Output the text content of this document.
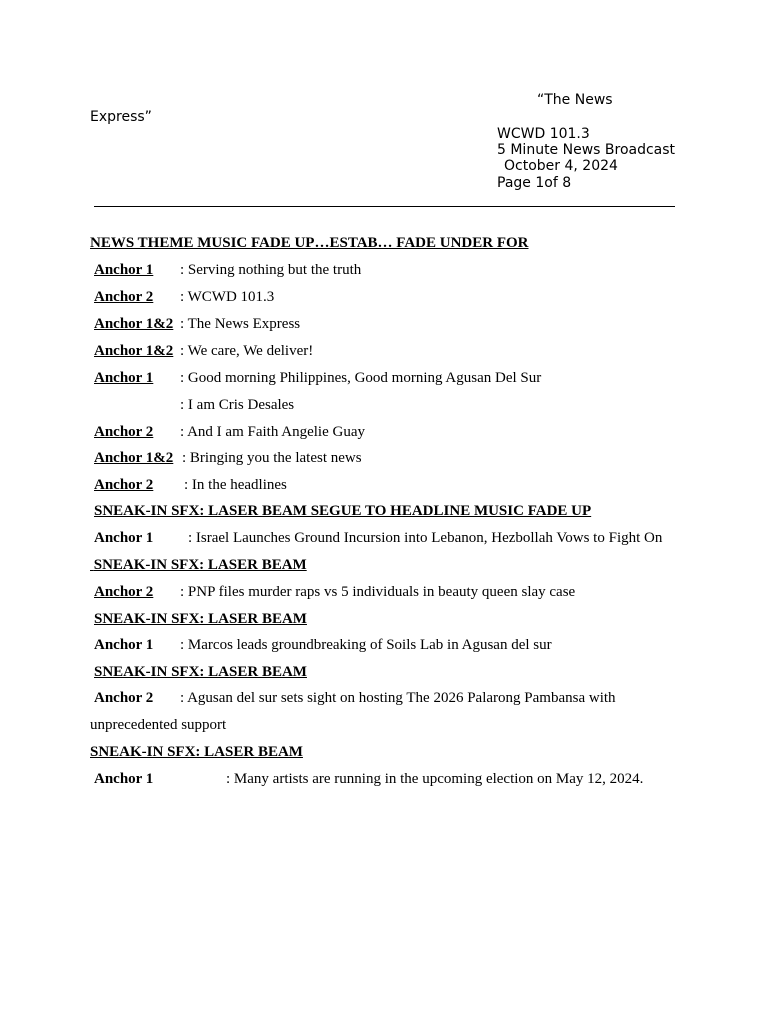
“The News
Express”
WCWD 101.3
5 Minute News Broadcast
October 4, 2024
Page 1of 8
NEWS THEME MUSIC FADE UP…ESTAB… FADE UNDER FOR
Anchor 1 : Serving nothing but the truth
Anchor 2 : WCWD 101.3
Anchor 1&2 : The News Express
Anchor 1&2 : We care, We deliver!
Anchor 1 : Good morning Philippines, Good morning Agusan Del Sur
: I am Cris Desales
Anchor 2 : And I am Faith Angelie Guay
Anchor 1&2 : Bringing you the latest news
Anchor 2 : In the headlines
SNEAK-IN SFX: LASER BEAM SEGUE TO HEADLINE MUSIC FADE UP
Anchor 1 : Israel Launches Ground Incursion into Lebanon, Hezbollah Vows to Fight On
SNEAK-IN SFX: LASER BEAM
Anchor 2 : PNP files murder raps vs 5 individuals in beauty queen slay case
SNEAK-IN SFX: LASER BEAM
Anchor 1 : Marcos leads groundbreaking of Soils Lab in Agusan del sur
SNEAK-IN SFX: LASER BEAM
Anchor 2 : Agusan del sur sets sight on hosting The 2026 Palarong Pambansa with
unprecedented support
SNEAK-IN SFX: LASER BEAM
Anchor 1	: Many artists are running in the upcoming election on May 12, 2024.
